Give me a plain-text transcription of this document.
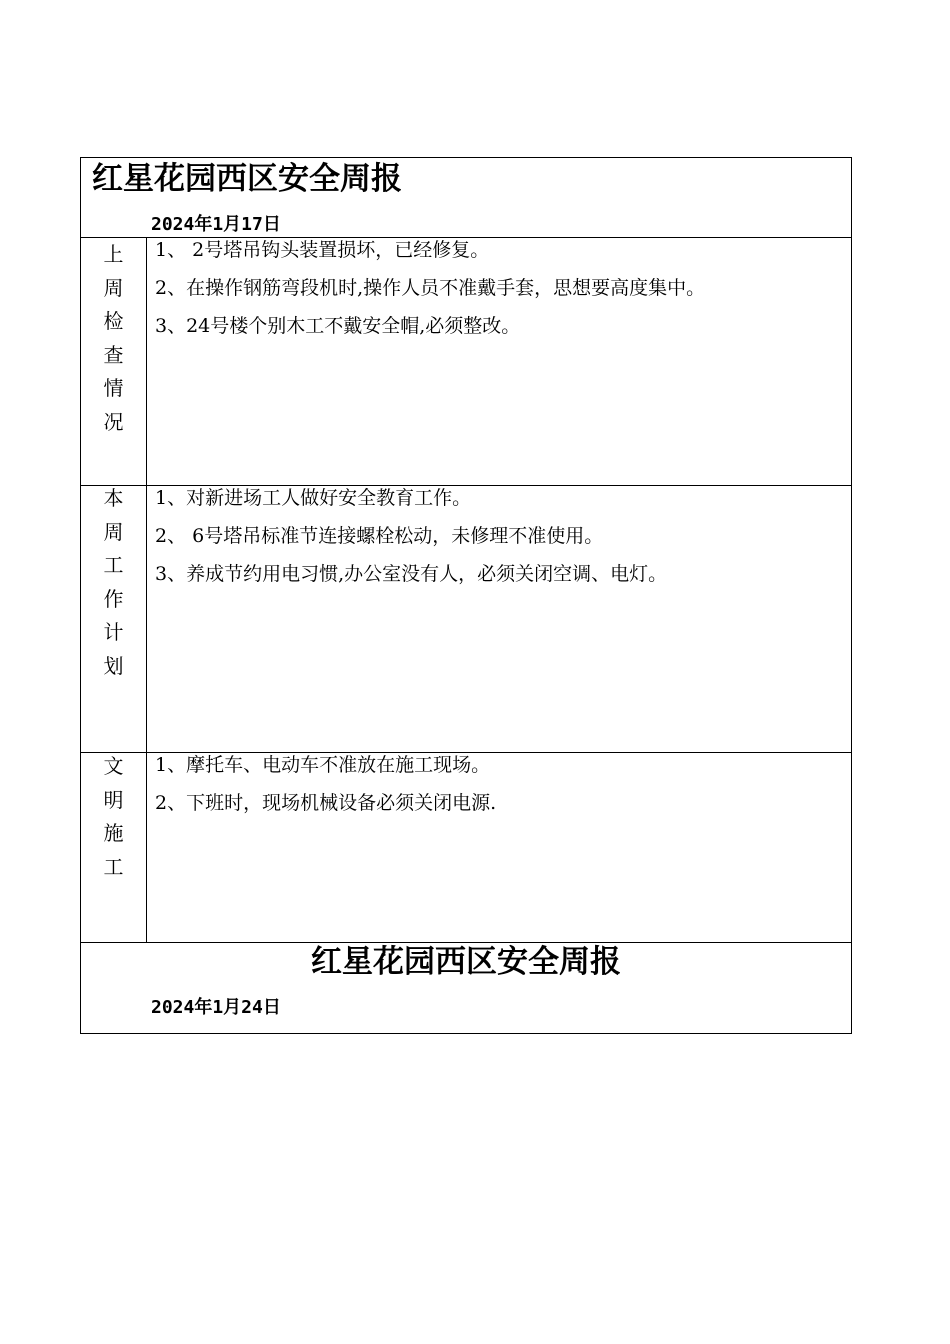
红星花园西区安全周报
2024年1月17日
上
周
检
查
情
况
1、 2号塔吊钩头装置损坏，已经修复。
2、在操作钢筋弯段机时,操作人员不准戴手套，思想要高度集中。
3、24号楼个别木工不戴安全帽,必须整改。
本
周
工
作
计
划
1、对新进场工人做好安全教育工作。
2、 6号塔吊标准节连接螺栓松动，未修理不准使用。
3、养成节约用电习惯,办公室没有人，必须关闭空调、电灯。
文
明
施
工
1、摩托车、电动车不准放在施工现场。
2、下班时，现场机械设备必须关闭电源.
红星花园西区安全周报
2024年1月24日
